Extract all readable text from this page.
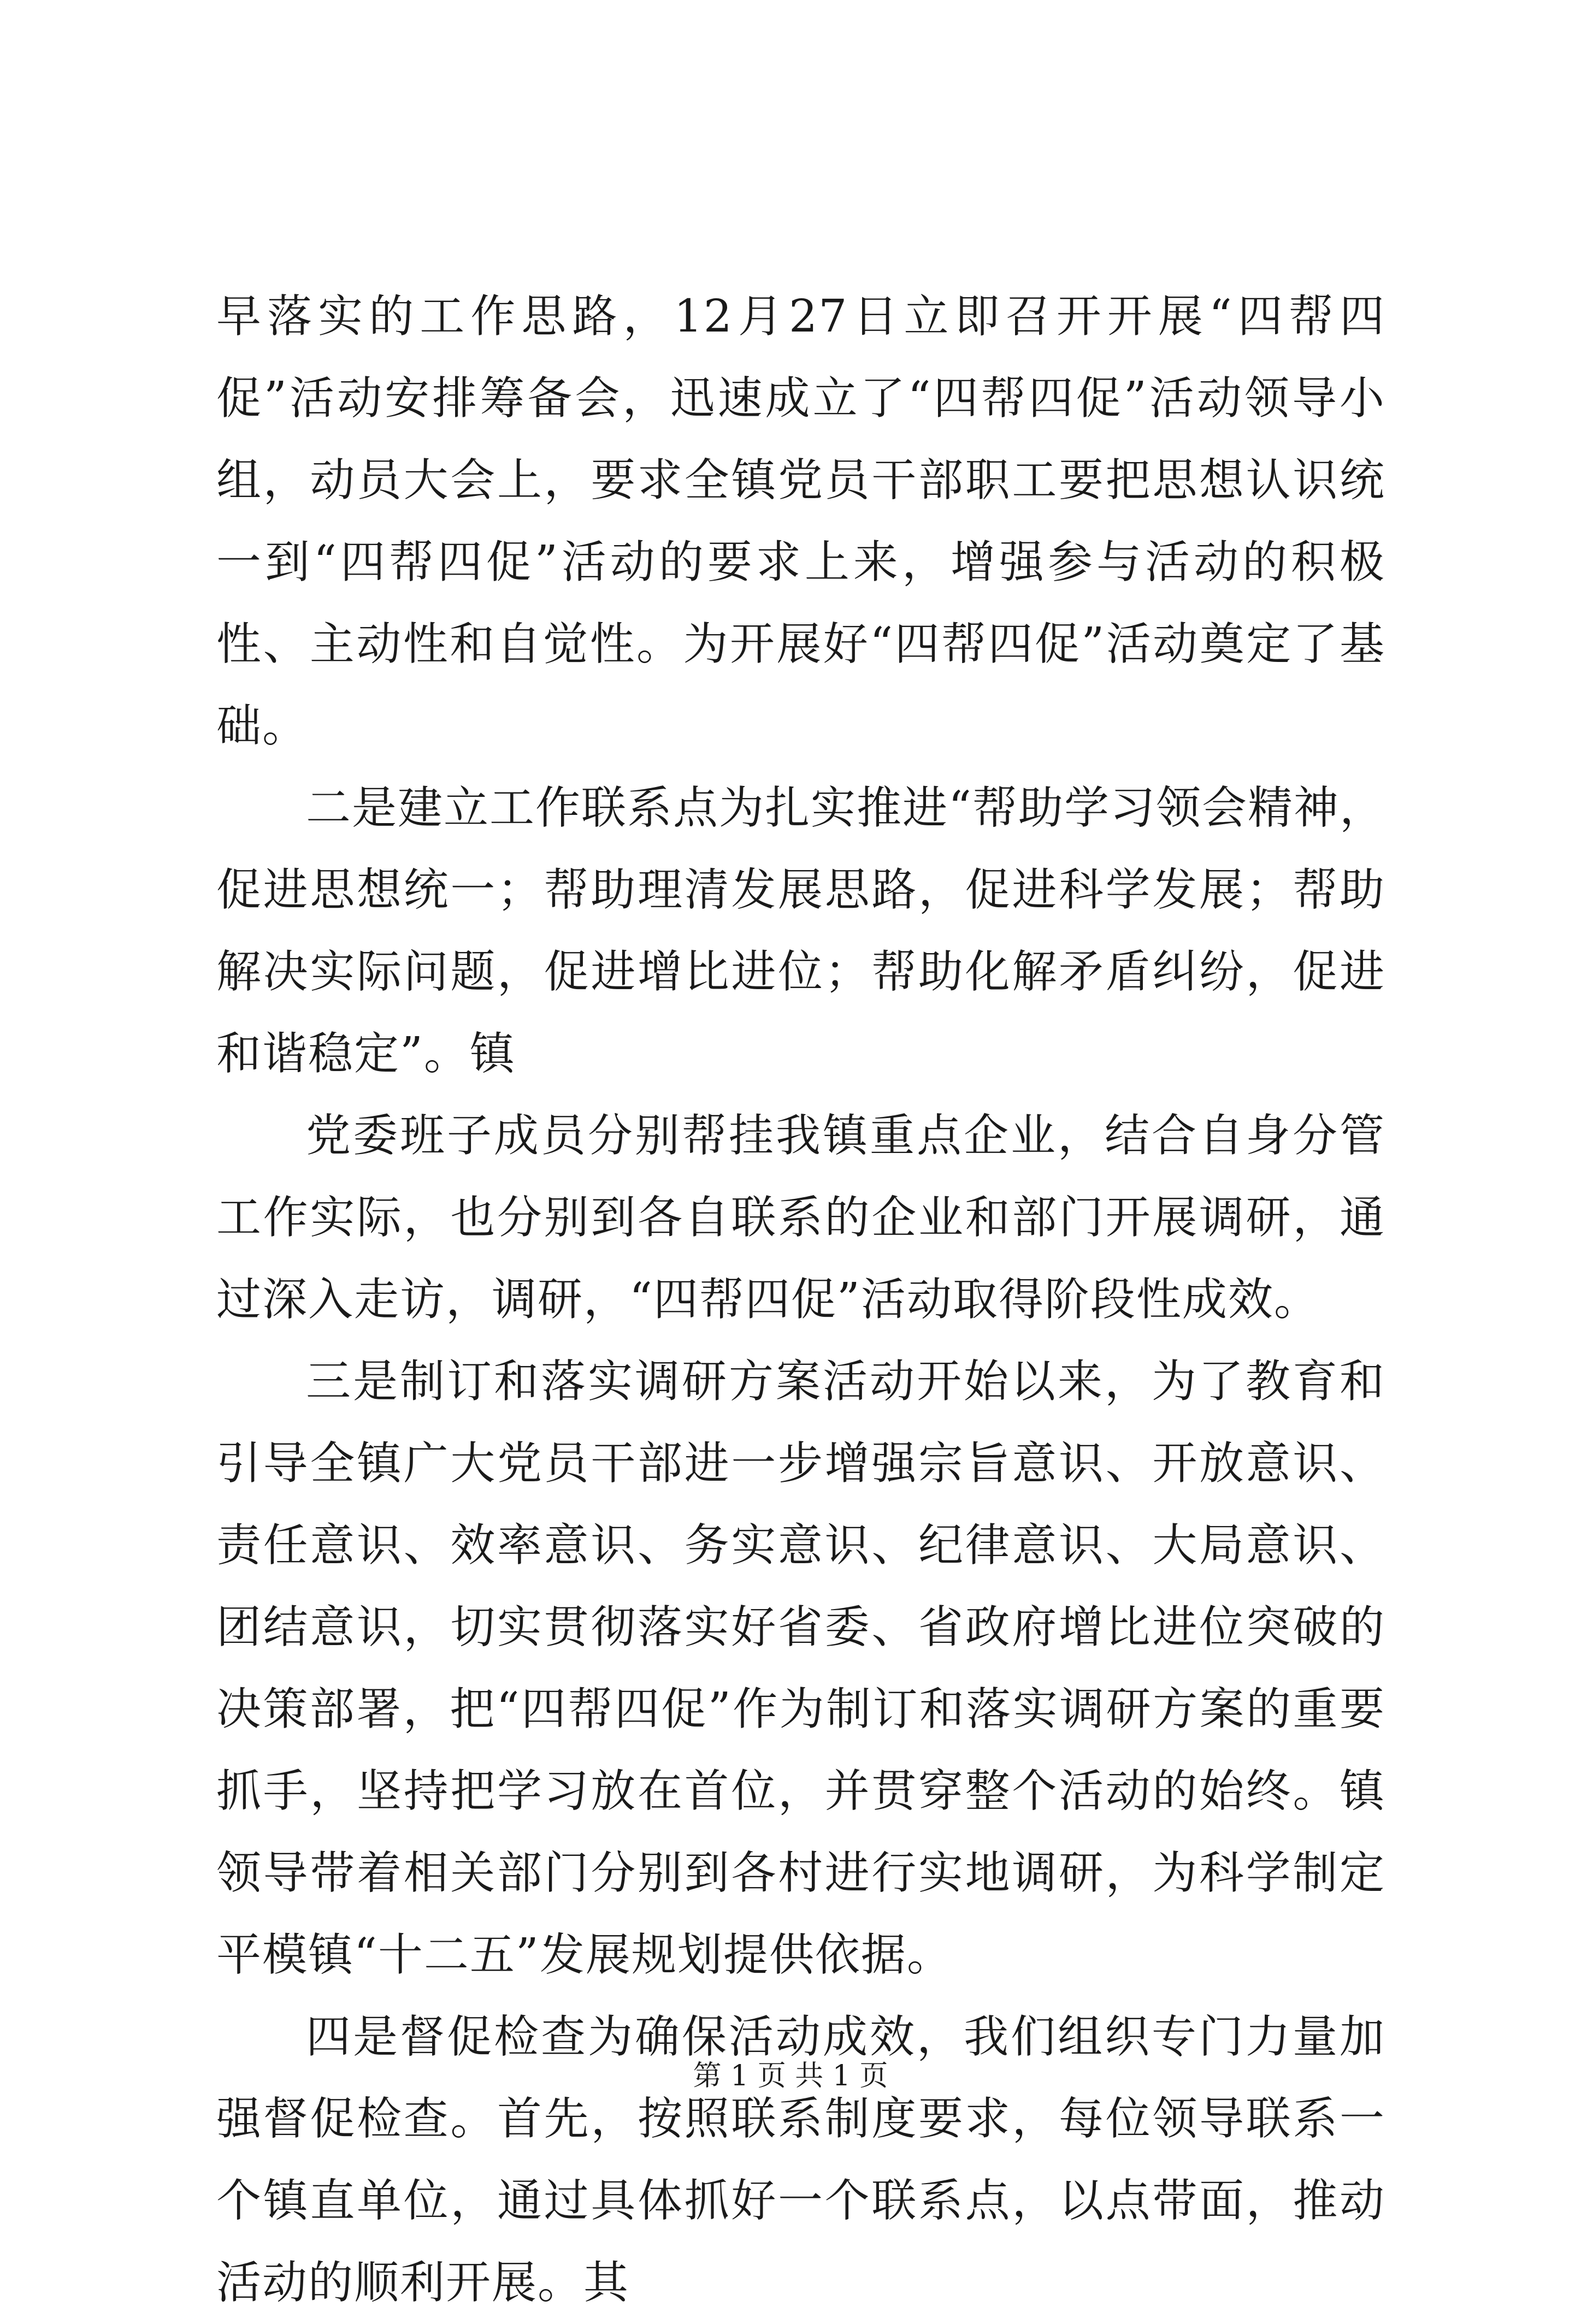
早落实的工作思路，12月27日立即召开开展“四帮四促”活动安排筹备会，迅速成立了“四帮四促”活动领导小组，动员大会上，要求全镇党员干部职工要把思想认识统一到“四帮四促”活动的要求上来，增强参与活动的积极性、主动性和自觉性。为开展好“四帮四促”活动奠定了基础。

二是建立工作联系点为扎实推进“帮助学习领会精神，促进思想统一；帮助理清发展思路，促进科学发展；帮助解决实际问题，促进增比进位；帮助化解矛盾纠纷，促进和谐稳定”。镇

党委班子成员分别帮挂我镇重点企业，结合自身分管工作实际，也分别到各自联系的企业和部门开展调研，通过深入走访，调研，“四帮四促”活动取得阶段性成效。

三是制订和落实调研方案活动开始以来，为了教育和引导全镇广大党员干部进一步增强宗旨意识、开放意识、责任意识、效率意识、务实意识、纪律意识、大局意识、团结意识，切实贯彻落实好省委、省政府增比进位突破的决策部署，把“四帮四促”作为制订和落实调研方案的重要抓手，坚持把学习放在首位，并贯穿整个活动的始终。镇领导带着相关部门分别到各村进行实地调研，为科学制定平模镇“十二五”发展规划提供依据。

四是督促检查为确保活动成效，我们组织专门力量加强督促检查。首先，按照联系制度要求，每位领导联系一个镇直单位，通过具体抓好一个联系点，以点带面，推动活动的顺利开展。其

第 1 页 共 1 页
